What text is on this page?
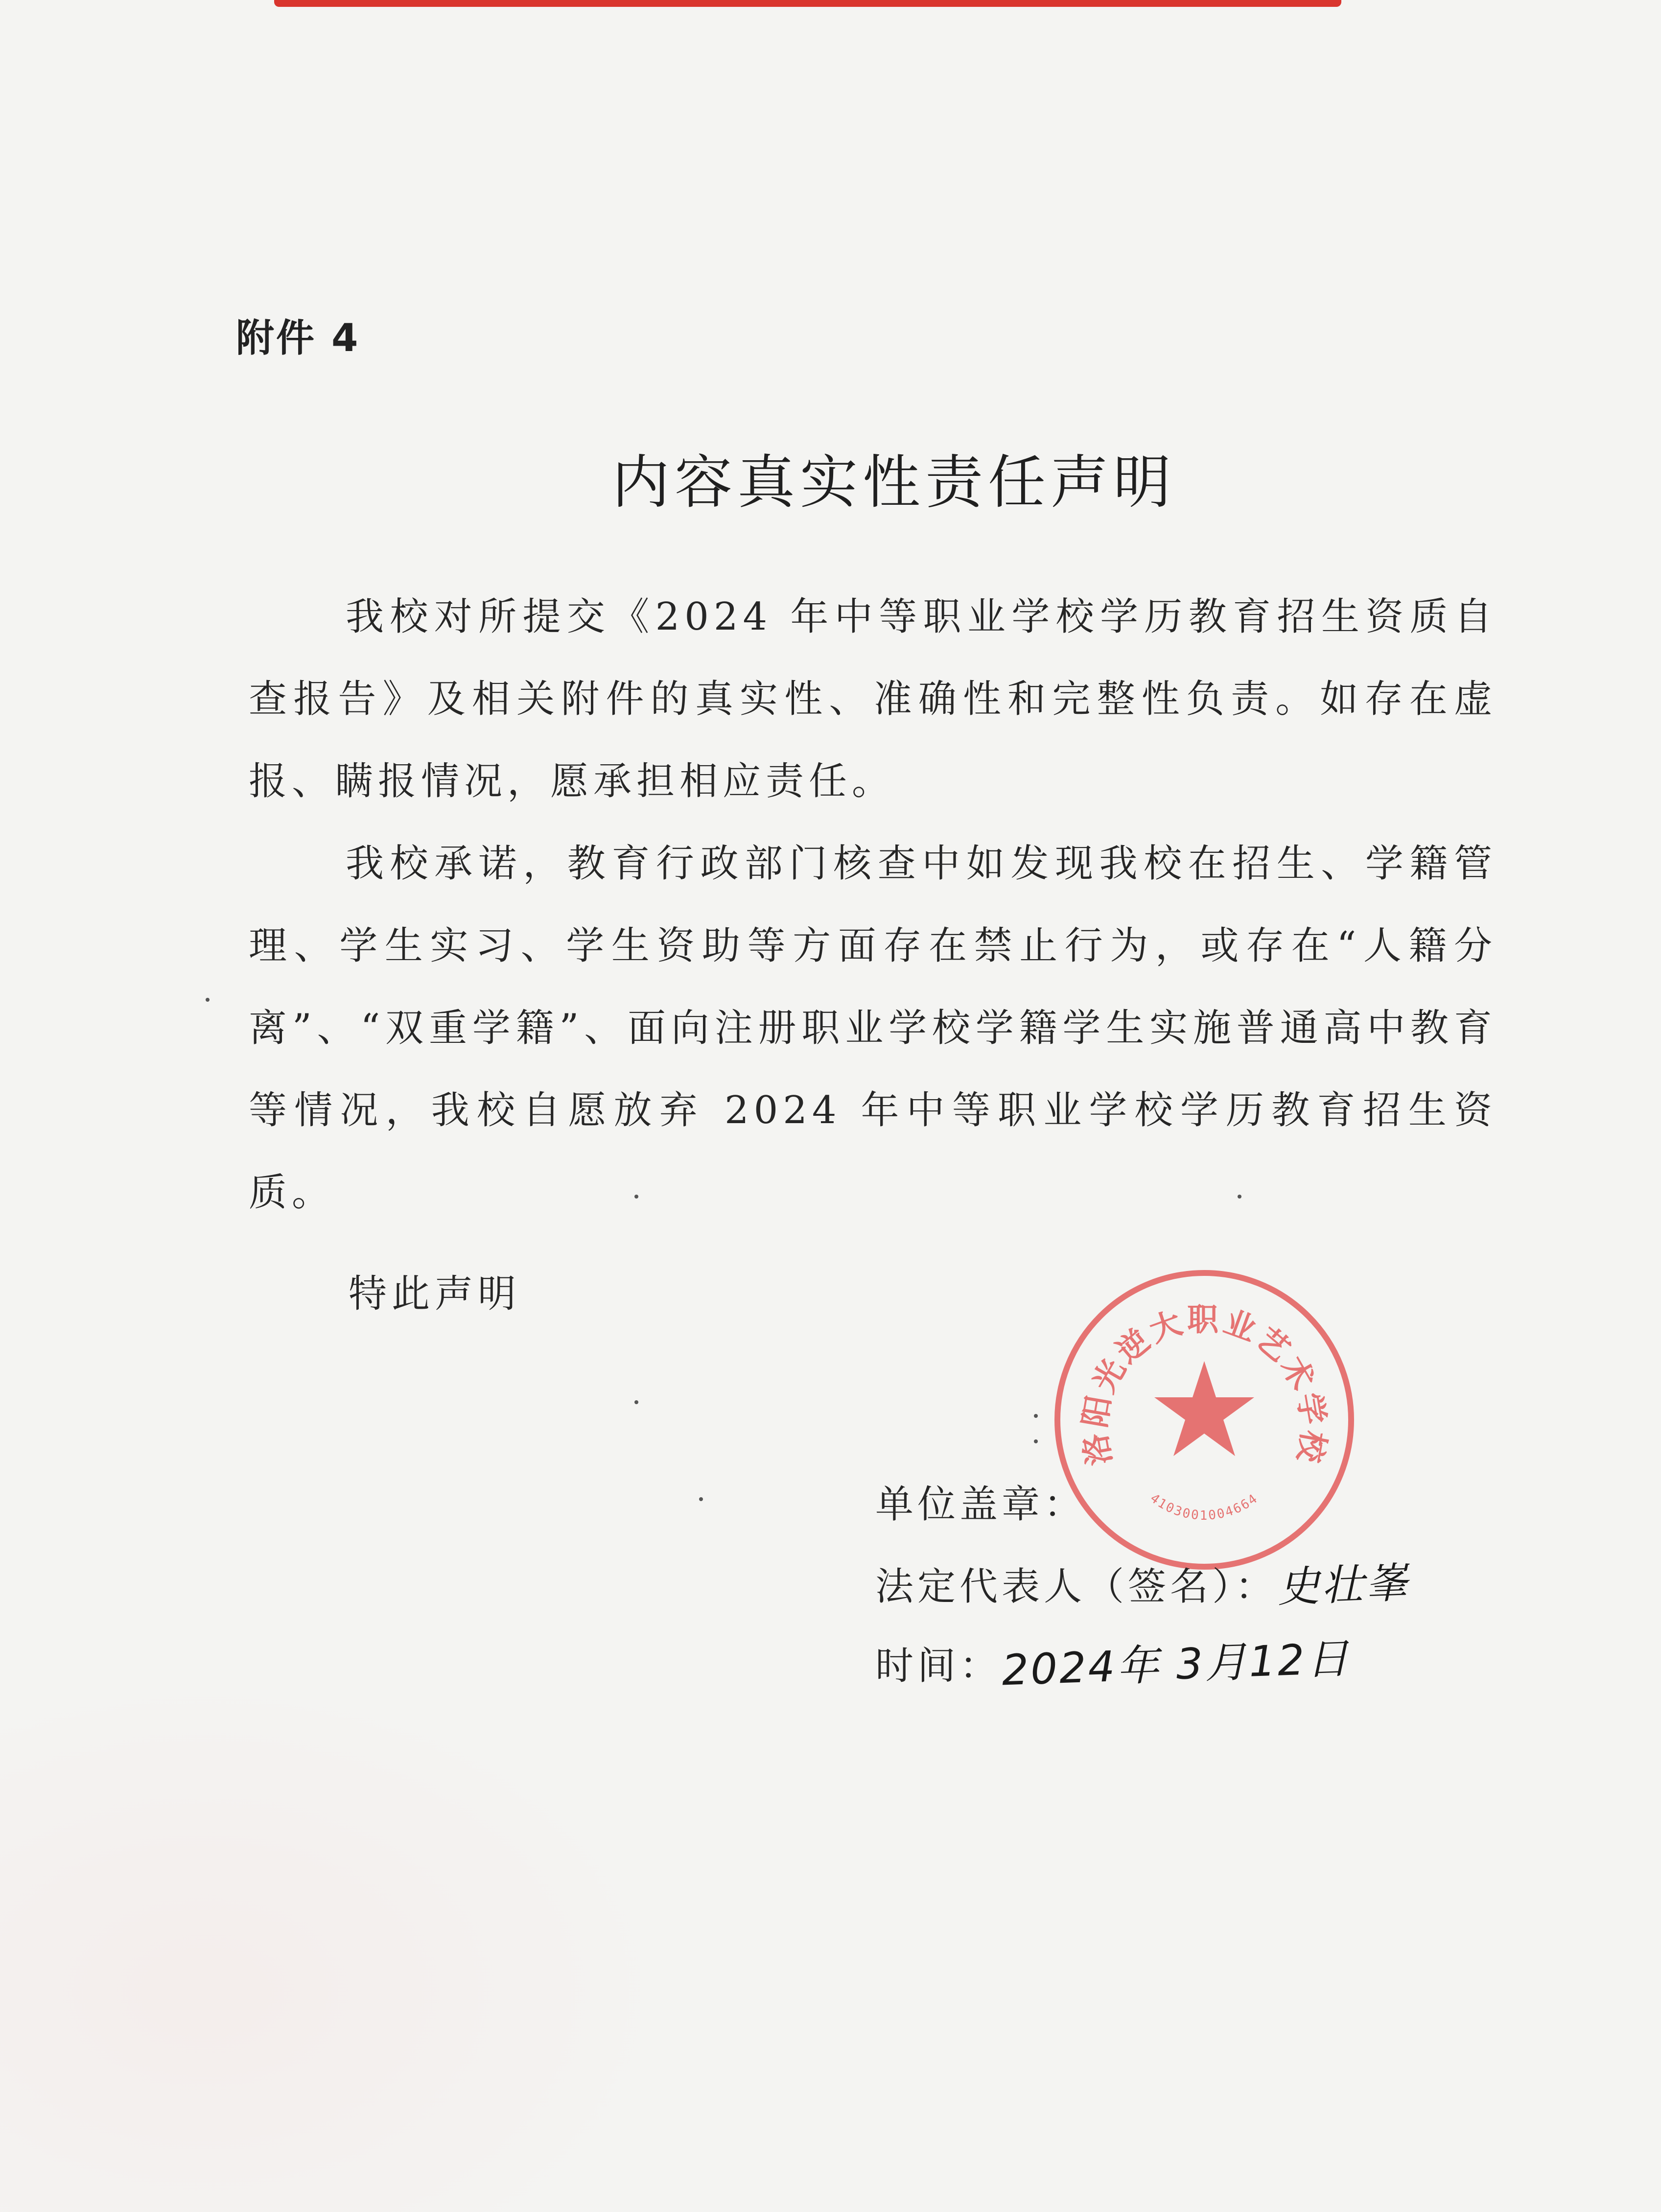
附件 4
内容真实性责任声明

我校对所提交《2024 年中等职业学校学历教育招生资质自查报告》及相关附件的真实性、准确性和完整性负责。如存在虚报、瞒报情况，愿承担相应责任。

我校承诺，教育行政部门核查中如发现我校在招生、学籍管理、学生实习、学生资助等方面存在禁止行为，或存在“人籍分离”、“双重学籍”、面向注册职业学校学籍学生实施普通高中教育等情况，我校自愿放弃 2024 年中等职业学校学历教育招生资质。

特此声明
洛阳光逆大职业艺术学校
4103001004664
单位盖章：
法定代表人（签名）：史壮峯
时间：2024年 3月12日
